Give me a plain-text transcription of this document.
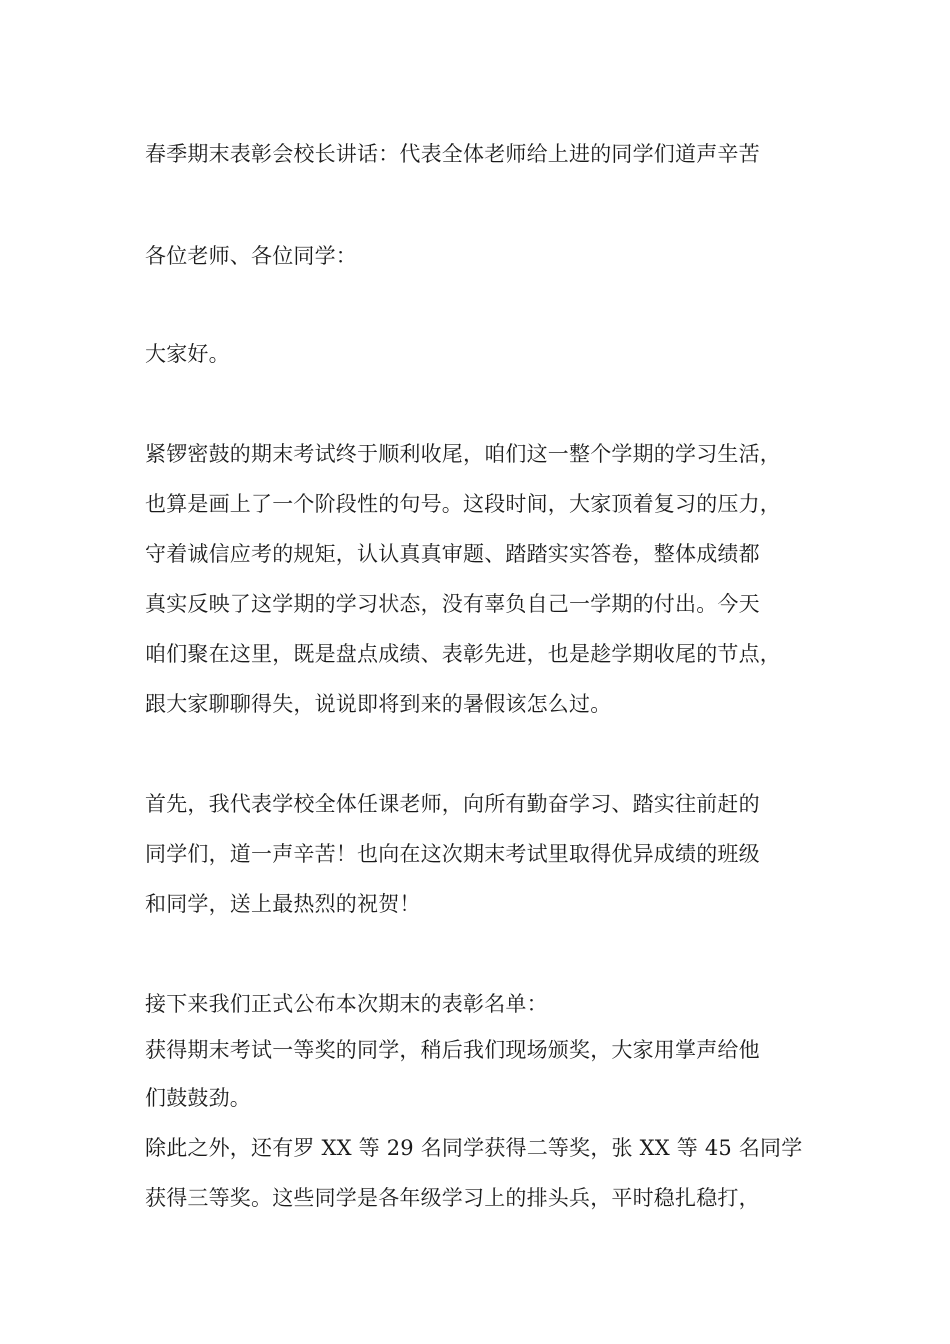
春季期末表彰会校长讲话：代表全体老师给上进的同学们道声辛苦
各位老师、各位同学：
大家好。
紧锣密鼓的期末考试终于顺利收尾，咱们这一整个学期的学习生活，
也算是画上了一个阶段性的句号。这段时间，大家顶着复习的压力，
守着诚信应考的规矩，认认真真审题、踏踏实实答卷，整体成绩都
真实反映了这学期的学习状态，没有辜负自己一学期的付出。今天
咱们聚在这里，既是盘点成绩、表彰先进，也是趁学期收尾的节点，
跟大家聊聊得失，说说即将到来的暑假该怎么过。
首先，我代表学校全体任课老师，向所有勤奋学习、踏实往前赶的
同学们，道一声辛苦！也向在这次期末考试里取得优异成绩的班级
和同学，送上最热烈的祝贺！
接下来我们正式公布本次期末的表彰名单：
获得期末考试一等奖的同学，稍后我们现场颁奖，大家用掌声给他
们鼓鼓劲。
除此之外，还有罗 XX 等 29 名同学获得二等奖，张 XX 等 45 名同学
获得三等奖。这些同学是各年级学习上的排头兵，平时稳扎稳打，
